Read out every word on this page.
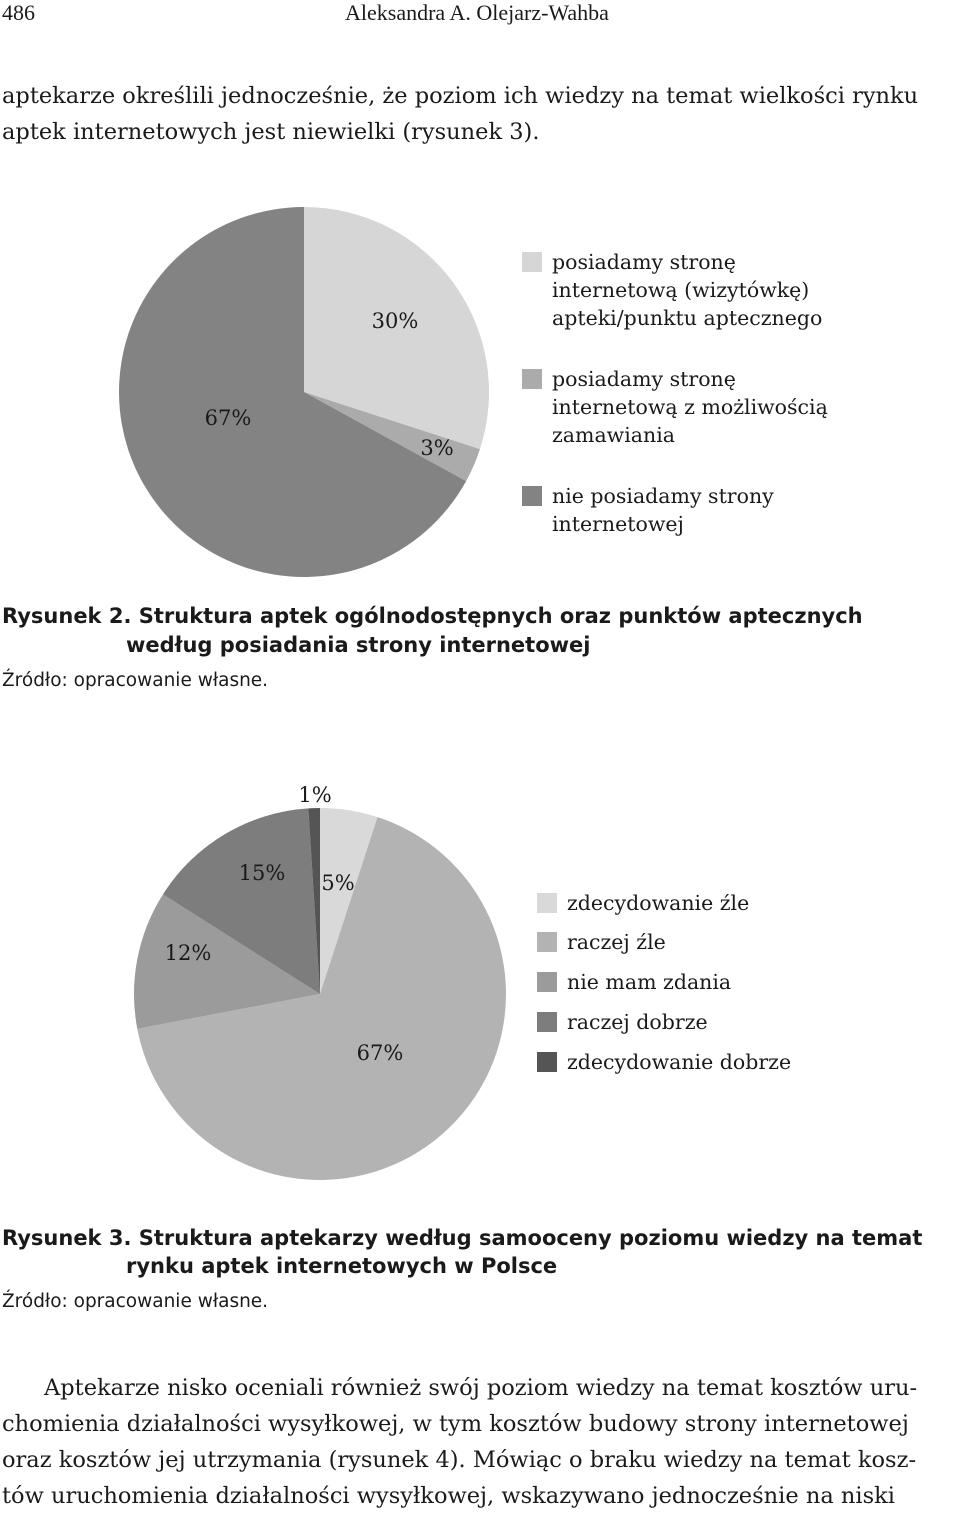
486	Aleksandra A. Olejarz-Wahba
aptekarze określili jednocześnie, że poziom ich wiedzy na temat wielkości rynku
aptek internetowych jest niewielki (rysunek 3).
30%
3%
67%
posiadamy stronę
internetową (wizytówkę)
apteki/punktu aptecznego
posiadamy stronę
internetową z możliwością
zamawiania
nie posiadamy strony
internetowej
Rysunek 2. Struktura aptek ogólnodostępnych oraz punktów aptecznych
według posiadania strony internetowej
Źródło: opracowanie własne.
1%
5%
15%
12%
67%
zdecydowanie źle
raczej źle
nie mam zdania
raczej dobrze
zdecydowanie dobrze
Rysunek 3. Struktura aptekarzy według samooceny poziomu wiedzy na temat
rynku aptek internetowych w Polsce
Źródło: opracowanie własne.
Aptekarze nisko oceniali również swój poziom wiedzy na temat kosztów uru-
chomienia działalności wysyłkowej, w tym kosztów budowy strony internetowej
oraz kosztów jej utrzymania (rysunek 4). Mówiąc o braku wiedzy na temat kosz-
tów uruchomienia działalności wysyłkowej, wskazywano jednocześnie na niski
